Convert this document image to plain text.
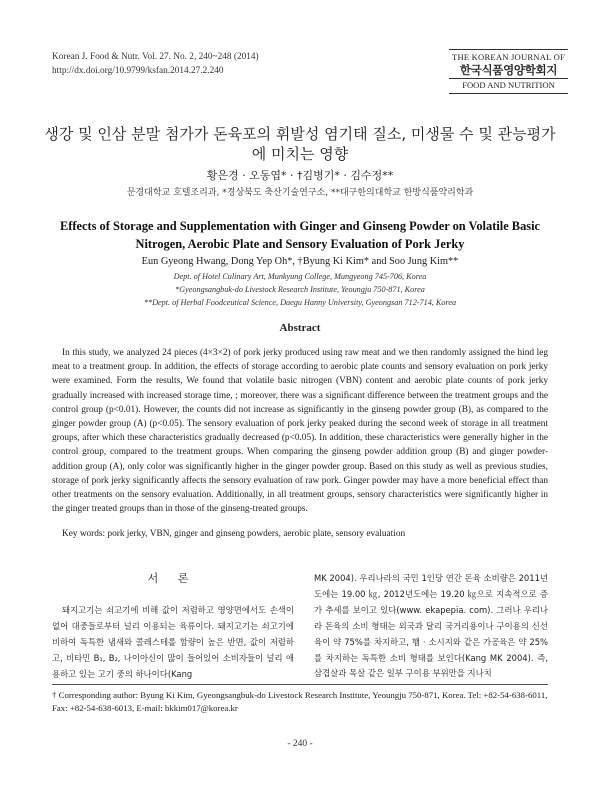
Korean J. Food & Nutr. Vol. 27. No. 2, 240~248 (2014)
http://dx.doi.org/10.9799/ksfan.2014.27.2.240
THE KOREAN JOURNAL OF
한국식품영양학회지
FOOD AND NUTRITION
생강 및 인삼 분말 첨가가 돈육포의 휘발성 염기태 질소, 미생물 수 및 관능평가에 미치는 영향
황은경 · 오동엽* · †김병기* · 김수정**
문경대학교 호텔조리과, *경상북도 축산기술연구소, **대구한의대학교 한방식품약리학과
Effects of Storage and Supplementation with Ginger and Ginseng Powder on Volatile Basic Nitrogen, Aerobic Plate and Sensory Evaluation of Pork Jerky
Eun Gyeong Hwang, Dong Yep Oh*, †Byung Ki Kim* and Soo Jung Kim**
Dept. of Hotel Culinary Art, Munkyung College, Mungyeong 745-706, Korea
*Gyeongsangbuk-do Livestock Research Institute, Yeoungju 750-871, Korea
**Dept. of Herbal Foodceutical Science, Daegu Hanny University, Gyeongsan 712-714, Korea
Abstract

In this study, we analyzed 24 pieces (4×3×2) of pork jerky produced using raw meat and we then randomly assigned the hind leg meat to a treatment group. In addition, the effects of storage according to aerobic plate counts and sensory evaluation on pork jerky were examined. Form the results, We found that volatile basic nitrogen (VBN) content and aerobic plate counts of pork jerky gradually increased with increased storage time, ; moreover, there was a significant difference between the treatment groups and the control group (p<0.01). However, the counts did not increase as significantly in the ginseng powder group (B), as compared to the ginger powder group (A) (p<0.05). The sensory evaluation of pork jerky peaked during the second week of storage in all treatment groups, after which these characteristics gradually decreased (p<0.05). In addition, these characteristics were generally higher in the control group, compared to the treatment groups. When comparing the ginseng powder addition group (B) and ginger powder-addition group (A), only color was significantly higher in the ginger powder group. Based on this study as well as previous studies, storage of pork jerky significantly affects the sensory evaluation of raw pork. Ginger powder may have a more beneficial effect than other treatments on the sensory evaluation. Additionally, in all treatment groups, sensory characteristics were significantly higher in the ginger treated groups than in those of the ginseng-treated groups.

Key words: pork jerky, VBN, ginger and ginseng powders, aerobic plate, sensory evaluation
서 론
돼지고기는 쇠고기에 비해 값이 저렴하고 영양면에서도 손색이 없어 대중들로부터 널리 이용되는 육류이다. 돼지고기는 쇠고기에 비하여 독특한 냄새와 콜레스테롤 함량이 높은 반면, 값이 저렴하고, 비타민 B₁, B₂, 나이아신이 많이 들어있어 소비자들이 널리 애용하고 있는 고기 중의 하나이다(Kang
MK 2004). 우리나라의 국민 1인당 연간 돈육 소비량은 2011년도에는 19.00 ㎏, 2012년도에는 19.20 ㎏으로 지속적으로 증가 추세를 보이고 있다(www. ekapepia. com). 그러나 우리나라 돈육의 소비 형태는 외국과 달리 국거리용이나 구이용의 신선육이 약 75%를 차지하고, 햄 · 소시지와 같은 가공육은 약 25%를 차지하는 독특한 소비 형태를 보인다(Kang MK 2004). 즉, 삼겹살과 목살 같은 일부 구이용 부위만을 지나치
† Corresponding author: Byung Ki Kim, Gyeongsangbuk-do Livestock Research Institute, Yeoungju 750-871, Korea. Tel: +82-54-638-6011, Fax: +82-54-638-6013, E-mail: bkkim017@korea.kr
- 240 -
